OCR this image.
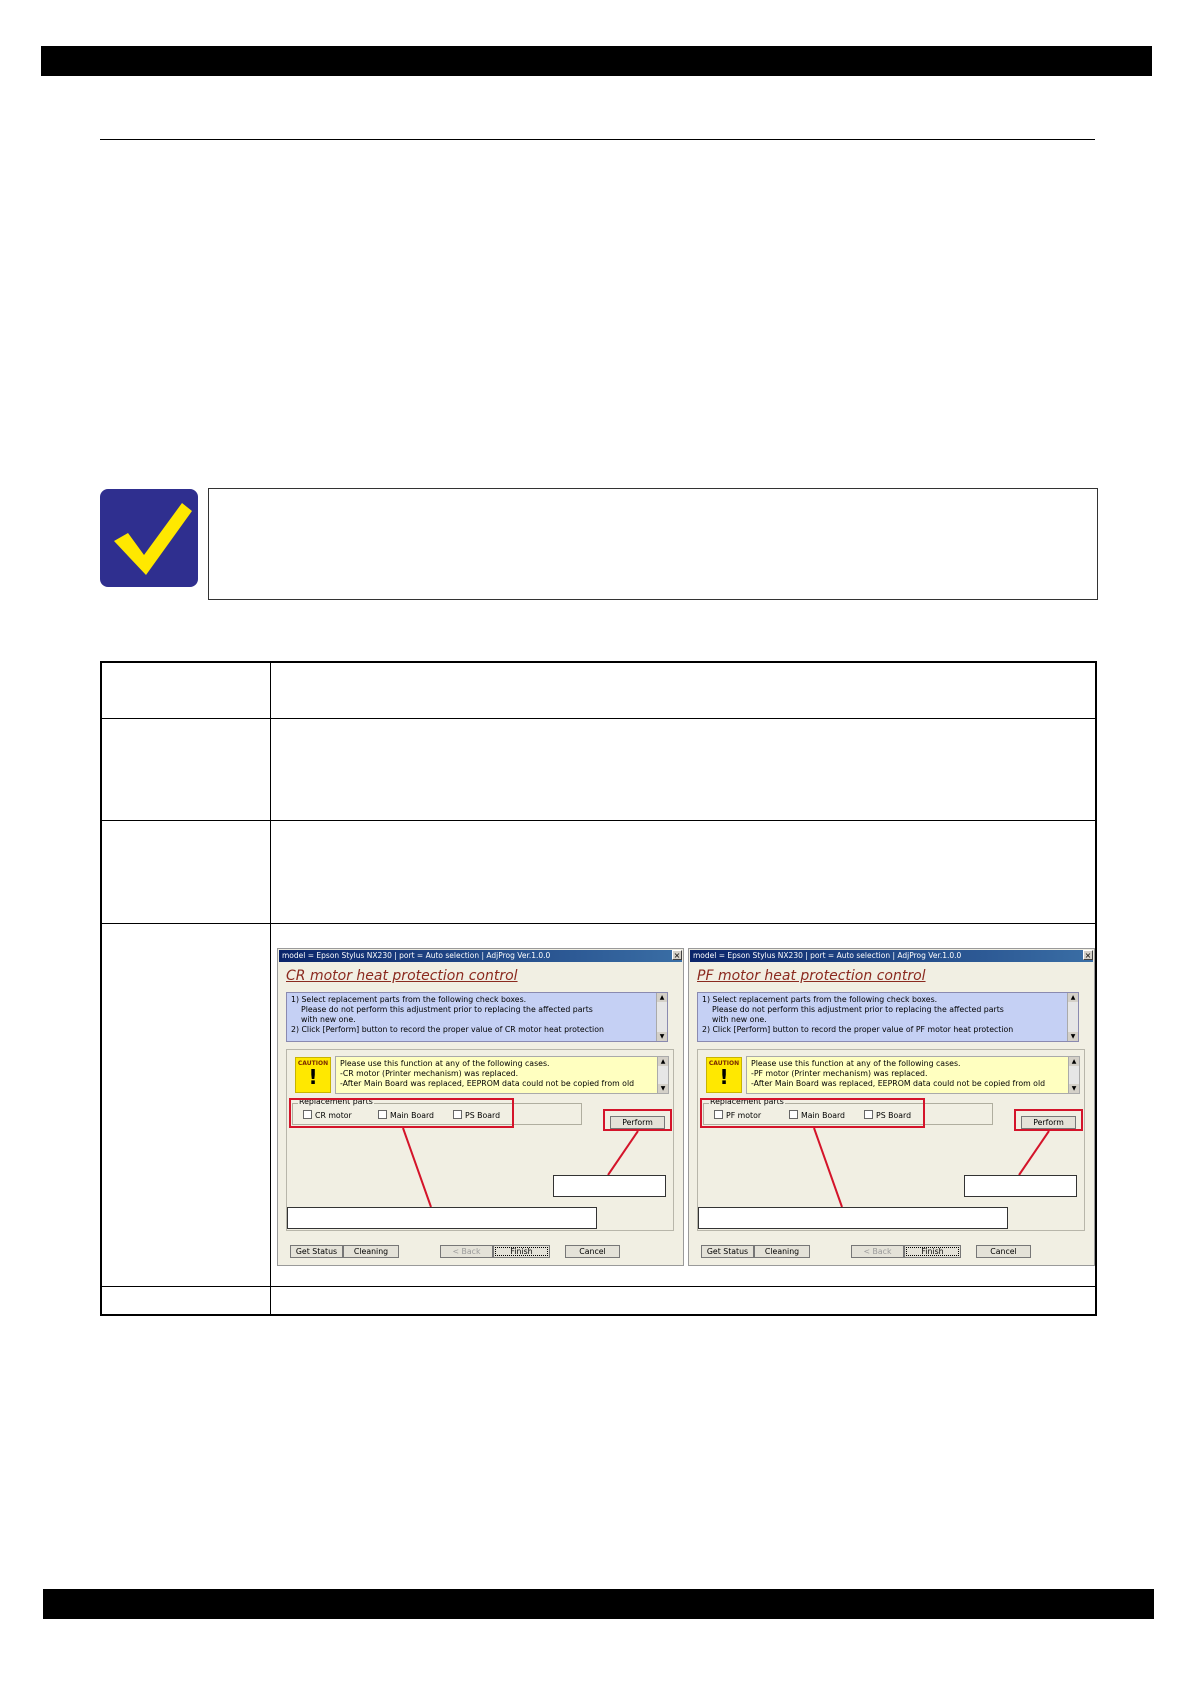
model = Epson Stylus NX230 | port = Auto selection | AdjProg Ver.1.0.0	×
CR motor heat protection control
1) Select replacement parts from the following check boxes.
Please do not perform this adjustment prior to replacing the affected parts
with new one.
2) Click [Perform] button to record the proper value of CR motor heat protection
▲
▼
CAUTION
!
Please use this function at any of the following cases.
-CR motor (Printer mechanism) was replaced.
-After Main Board was replaced, EEPROM data could not be copied from old
▲
▼
Replacement parts
CR motor	Main Board	PS Board
Perform
Get Status	Cleaning	< Back	Finish	Cancel
model = Epson Stylus NX230 | port = Auto selection | AdjProg Ver.1.0.0	×
PF motor heat protection control
1) Select replacement parts from the following check boxes.
Please do not perform this adjustment prior to replacing the affected parts
with new one.
2) Click [Perform] button to record the proper value of PF motor heat protection
▲
▼
CAUTION
!
Please use this function at any of the following cases.
-PF motor (Printer mechanism) was replaced.
-After Main Board was replaced, EEPROM data could not be copied from old
▲
▼
Replacement parts
PF motor	Main Board	PS Board
Perform
Get Status	Cleaning	< Back	Finish	Cancel
